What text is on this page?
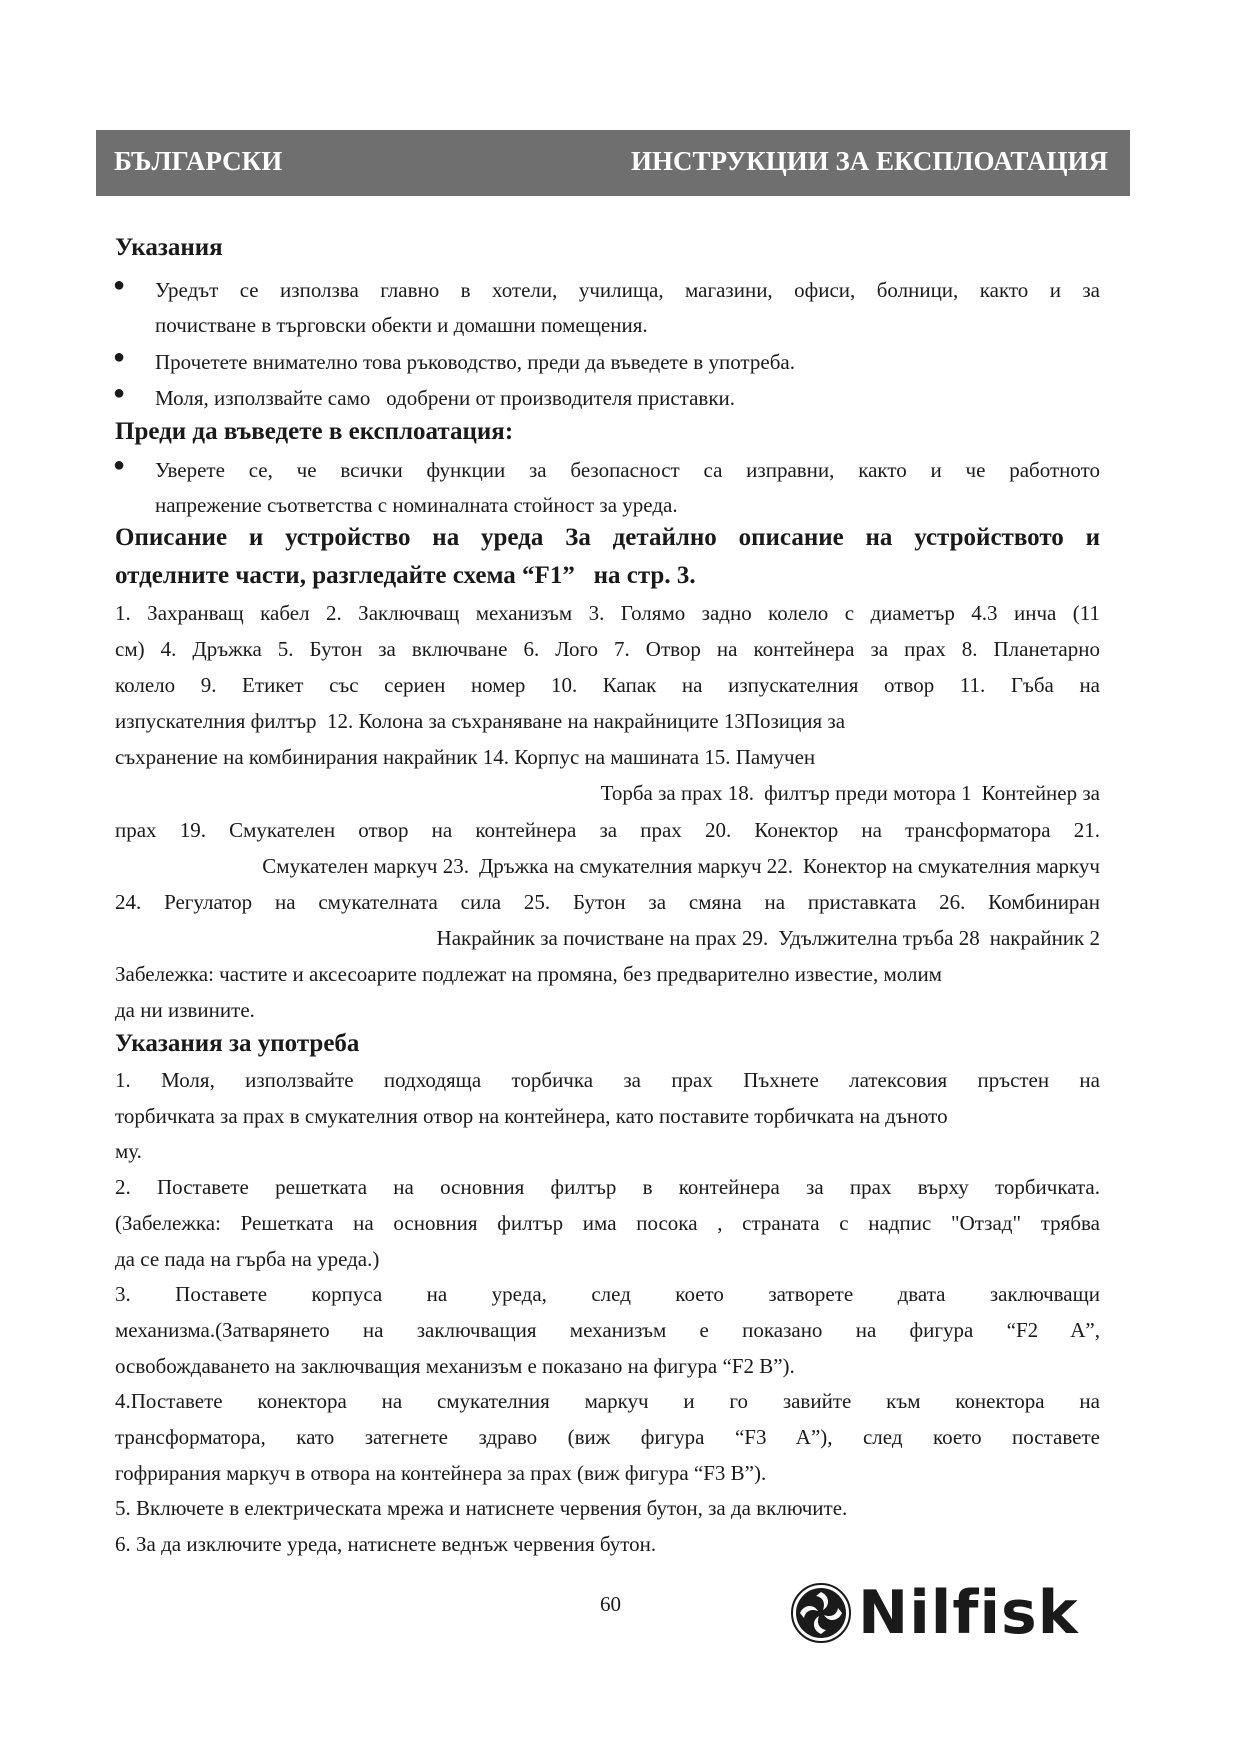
БЪЛГАРСКИ	ИНСТРУКЦИИ ЗА ЕКСПЛОАТАЦИЯ
Указания
● Уредът се използва главно в хотели, училища, магазини, офиси, болници, както и за
почистване в търговски обекти и домашни помещения.
● Прочетете внимателно това ръководство, преди да въведете в употреба.
● Моля, използвайте само   одобрени от производителя приставки.
Преди да въведете в експлоатация:
● Уверете се, че всички функции за безопасност са изправни, както и че работното
напрежение съответства с номиналната стойност за уреда.
Описание и устройство на уреда За детайлно описание на устройството и
отделните части, разгледайте схема “F1”   на стр. 3.
1. Захранващ кабел 2. Заключващ механизъм 3. Голямо задно колело с диаметър 4.3 инча (11
см) 4. Дръжка 5. Бутон за включване 6. Лого 7. Отвор на контейнера за прах 8. Планетарно
колело 9. Етикет със сериен номер 10. Капак на изпускателния отвор 11. Гъба на
изпускателния филтър  12. Колона за съхраняване на накрайниците 13Позиция за
съхранение на комбинирания накрайник 14. Корпус на машината 15. Памучен
Торба за прах 18. филтър преди мотора 1 Контейнер за
прах 19. Смукателен отвор на контейнера за прах 20. Конектор на трансформатора 21.
Смукателен маркуч 23. Дръжка на смукателния маркуч 22. Конектор на смукателния маркуч
24. Регулатор на смукателната сила 25. Бутон за смяна на приставката 26. Комбиниран
Накрайник за почистване на прах 29. Удължителна тръба 28 накрайник 2
Забележка: частите и аксесоарите подлежат на промяна, без предварително известие, молим
да ни извините.
Указания за употреба
1. Моля, използвайте подходяща торбичка за прах Пъхнете латексовия пръстен на
торбичката за прах в смукателния отвор на контейнера, като поставите торбичката на дъното
му.
2. Поставете решетката на основния филтър в контейнера за прах върху торбичката.
(Забележка: Решетката на основния филтър има посока , страната с надпис "Отзад" трябва
да се пада на гърба на уреда.)
3. Поставете корпуса на уреда, след което затворете двата заключващи
механизма.(Затварянето на заключващия механизъм е показано на фигура “F2 A”,
освобождаването на заключващия механизъм е показано на фигура “F2 B”).
4.Поставете конектора на смукателния маркуч и го завийте към конектора на
трансформатора, като затегнете здраво (виж фигура “F3 A”), след което поставете
гофрирания маркуч в отвора на контейнера за прах (виж фигура “F3 B”).
5. Включете в електрическата мрежа и натиснете червения бутон, за да включите.
6. За да изключите уреда, натиснете веднъж червения бутон.
60	Nilfisk
